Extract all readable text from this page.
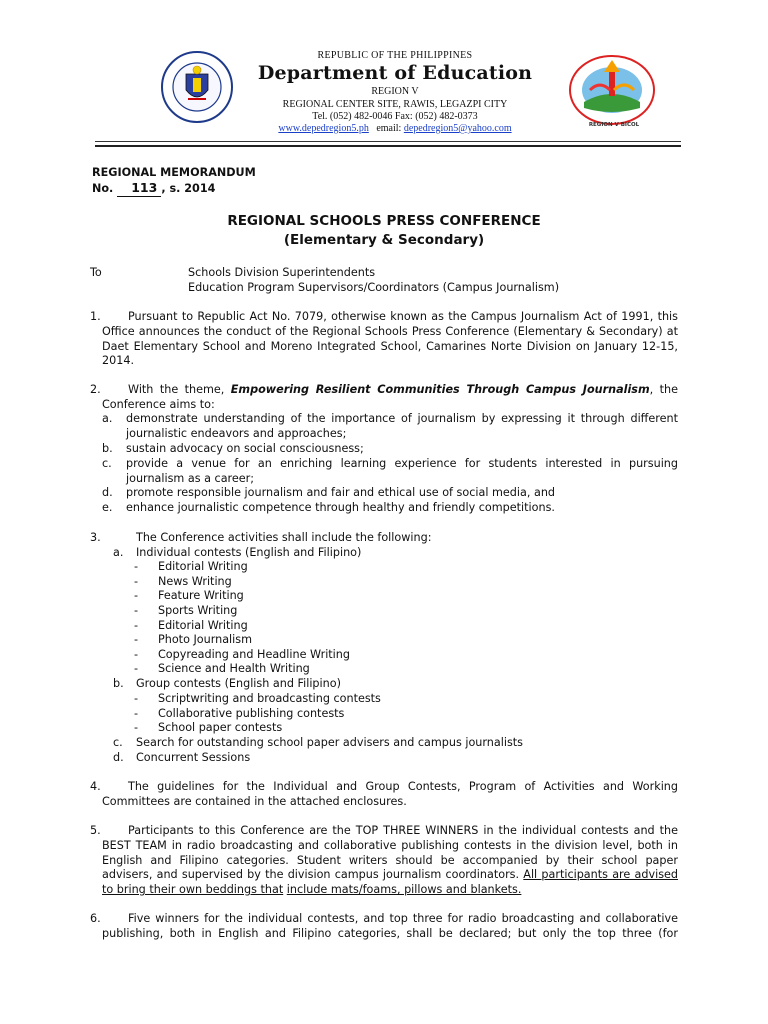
REPUBLIC OF THE PHILIPPINES
Department of Education
REGION V
REGIONAL CENTER SITE, RAWIS, LEGAZPI CITY
Tel. (052) 482-0046 Fax: (052) 482-0373
www.depedregion5.ph email: depedregion5@yahoo.com	REGION V BICOL
REGIONAL MEMORANDUM
No. 113 , s. 2014
REGIONAL SCHOOLS PRESS CONFERENCE
(Elementary & Secondary)
To	Schools Division Superintendents
Education Program Supervisors/Coordinators (Campus Journalism)
1.	Pursuant to Republic Act No. 7079, otherwise known as the Campus Journalism Act of 1991, this Office announces the conduct of the Regional Schools Press Conference (Elementary & Secondary) at Daet Elementary School and Moreno Integrated School, Camarines Norte Division on January 12-15, 2014.
2.	With the theme, Empowering Resilient Communities Through Campus Journalism, the Conference aims to:
a. demonstrate understanding of the importance of journalism by expressing it through different journalistic endeavors and approaches;
b. sustain advocacy on social consciousness;
c. provide a venue for an enriching learning experience for students interested in pursuing journalism as a career;
d. promote responsible journalism and fair and ethical use of social media, and
e. enhance journalistic competence through healthy and friendly competitions.
3.	The Conference activities shall include the following:
a. Individual contests (English and Filipino)
- Editorial Writing
- News Writing
- Feature Writing
- Sports Writing
- Editorial Writing
- Photo Journalism
- Copyreading and Headline Writing
- Science and Health Writing
b. Group contests (English and Filipino)
- Scriptwriting and broadcasting contests
- Collaborative publishing contests
- School paper contests
c. Search for outstanding school paper advisers and campus journalists
d. Concurrent Sessions
4.	The guidelines for the Individual and Group Contests, Program of Activities and Working Committees are contained in the attached enclosures.
5.	Participants to this Conference are the TOP THREE WINNERS in the individual contests and the BEST TEAM in radio broadcasting and collaborative publishing contests in the division level, both in English and Filipino categories. Student writers should be accompanied by their school paper advisers, and supervised by the division campus journalism coordinators. All participants are advised to bring their own beddings that include mats/foams, pillows and blankets.
6.	Five winners for the individual contests, and top three for radio broadcasting and collaborative publishing, both in English and Filipino categories, shall be declared; but only the top three (for
